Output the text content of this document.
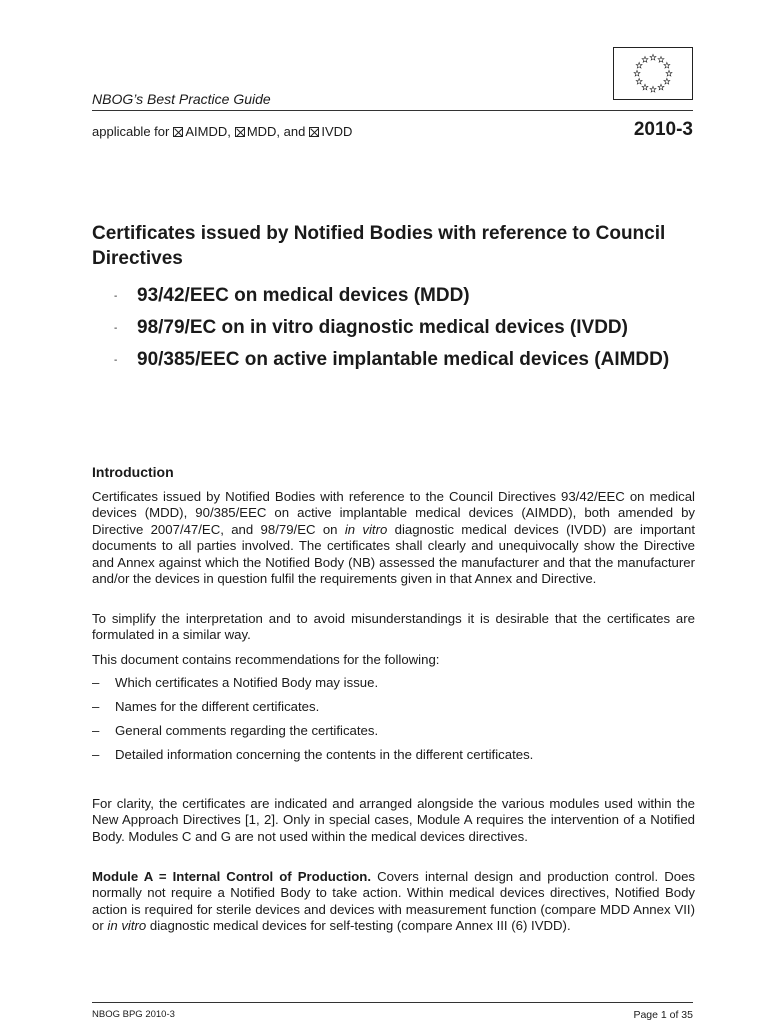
NBOG’s Best Practice Guide
applicable for AIMDD, MDD, and IVDD	2010-3
Certificates issued by Notified Bodies with reference to Council Directives
- 93/42/EEC on medical devices (MDD)
- 98/79/EC on in vitro diagnostic medical devices (IVDD)
- 90/385/EEC on active implantable medical devices (AIMDD)
Introduction
Certificates issued by Notified Bodies with reference to the Council Directives 93/42/EEC on medical devices (MDD), 90/385/EEC on active implantable medical devices (AIMDD), both amended by Directive 2007/47/EC, and 98/79/EC on in vitro diagnostic medical devices (IVDD) are important documents to all parties involved. The certificates shall clearly and unequivocally show the Directive and Annex against which the Notified Body (NB) assessed the manufacturer and that the manufacturer and/or the devices in question fulfil the requirements given in that Annex and Directive.
To simplify the interpretation and to avoid misunderstandings it is desirable that the certificates are formulated in a similar way.
This document contains recommendations for the following:
– Which certificates a Notified Body may issue.
– Names for the different certificates.
– General comments regarding the certificates.
– Detailed information concerning the contents in the different certificates.
For clarity, the certificates are indicated and arranged alongside the various modules used within the New Approach Directives [1, 2]. Only in special cases, Module A requires the intervention of a Notified Body. Modules C and G are not used within the medical devices directives.
Module A = Internal Control of Production. Covers internal design and production control. Does normally not require a Notified Body to take action. Within medical devices directives, Notified Body action is required for sterile devices and devices with measurement function (compare MDD Annex VII) or in vitro diagnostic medical devices for self-testing (compare Annex III (6) IVDD).
NBOG BPG 2010-3	Page 1 of 35
